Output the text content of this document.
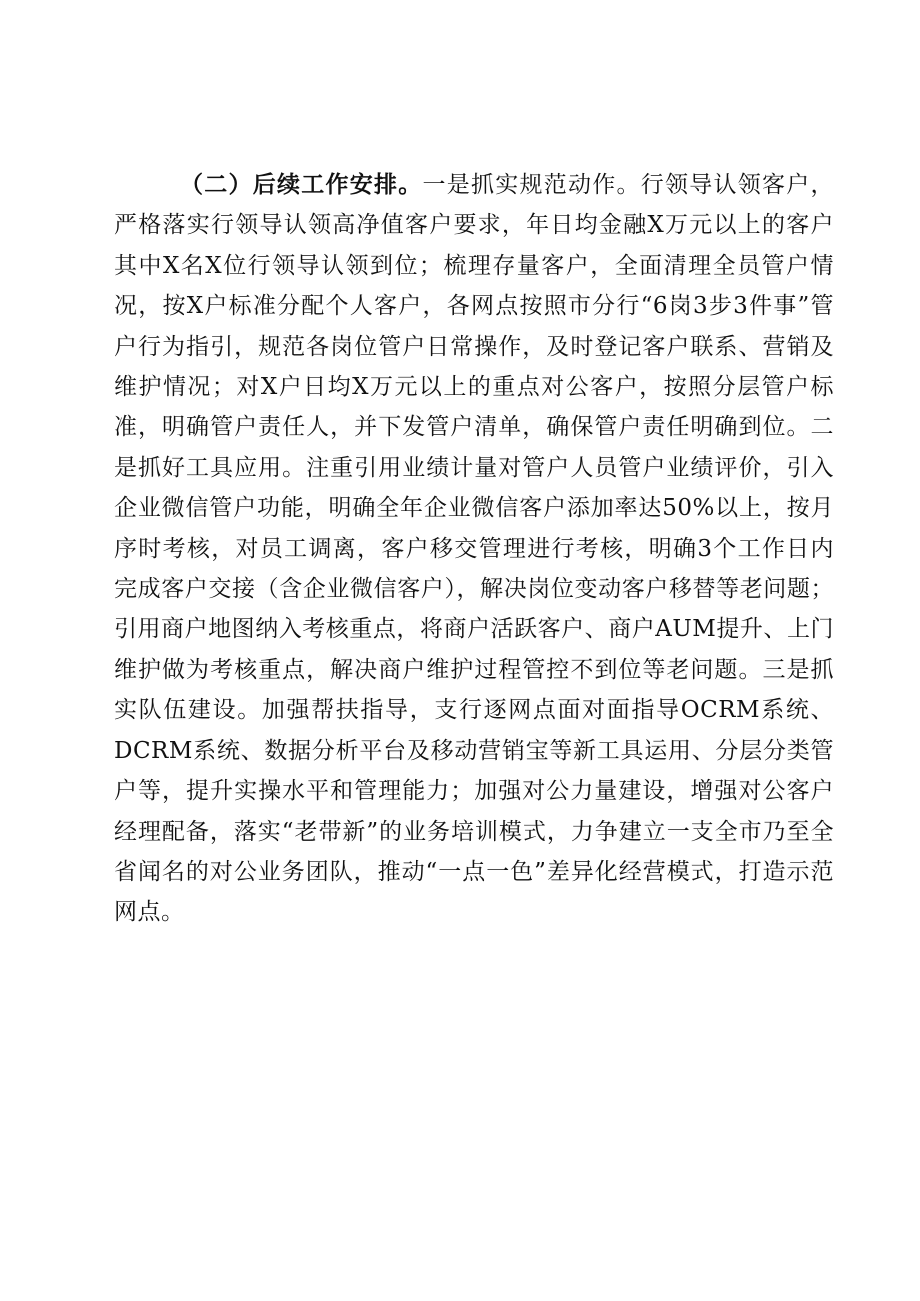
（二）后续工作安排。一是抓实规范动作。行领导认领客户，严格落实行领导认领高净值客户要求，年日均金融X万元以上的客户其中X名X位行领导认领到位；梳理存量客户，全面清理全员管户情况，按X户标准分配个人客户，各网点按照市分行“6岗3步3件事”管户行为指引，规范各岗位管户日常操作，及时登记客户联系、营销及维护情况；对X户日均X万元以上的重点对公客户，按照分层管户标准，明确管户责任人，并下发管户清单，确保管户责任明确到位。二是抓好工具应用。注重引用业绩计量对管户人员管户业绩评价，引入企业微信管户功能，明确全年企业微信客户添加率达50%以上，按月序时考核，对员工调离，客户移交管理进行考核，明确3个工作日内完成客户交接（含企业微信客户），解决岗位变动客户移替等老问题；引用商户地图纳入考核重点，将商户活跃客户、商户AUM提升、上门维护做为考核重点，解决商户维护过程管控不到位等老问题。三是抓实队伍建设。加强帮扶指导，支行逐网点面对面指导OCRM系统、DCRM系统、数据分析平台及移动营销宝等新工具运用、分层分类管户等，提升实操水平和管理能力；加强对公力量建设，增强对公客户经理配备，落实“老带新”的业务培训模式，力争建立一支全市乃至全省闻名的对公业务团队，推动“一点一色”差异化经营模式，打造示范网点。
